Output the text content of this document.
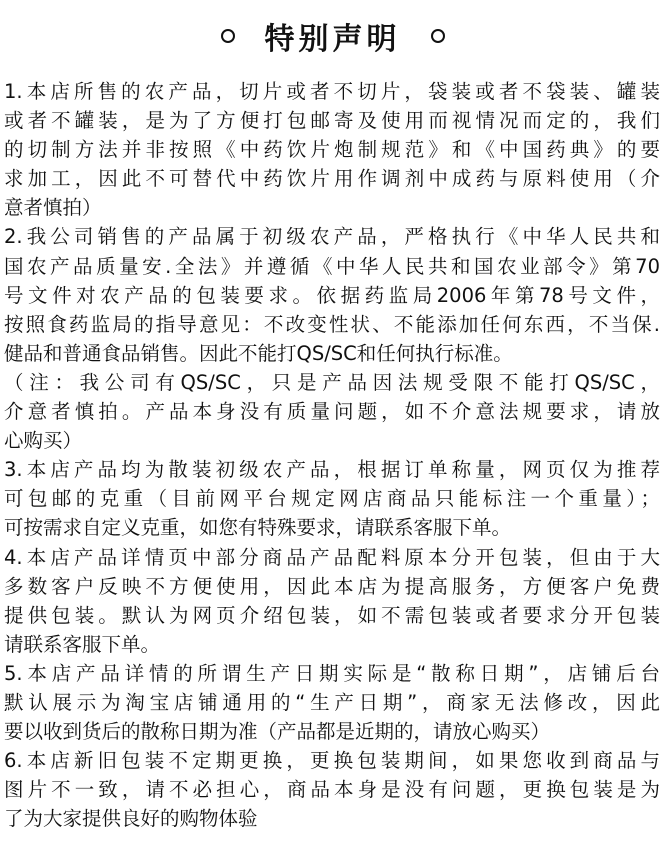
特别声明
1.本店所售的农产品，切片或者不切片，袋装或者不袋装、罐装
或者不罐装，是为了方便打包邮寄及使用而视情况而定的，我们
的切制方法并非按照《中药饮片炮制规范》和《中国药典》的要
求加工，因此不可替代中药饮片用作调剂中成药与原料使用（介
意者慎拍）
2.我公司销售的产品属于初级农产品，严格执行《中华人民共和
国农产品质量安.全法》并遵循《中华人民共和国农业部令》第70
号文件对农产品的包装要求。依据药监局2006年第78号文件，
按照食药监局的指导意见：不改变性状、不能添加任何东西，不当保.
健品和普通食品销售。因此不能打QS/SC和任何执行标准。
（注：我公司有QS/SC，只是产品因法规受限不能打QS/SC，
介意者慎拍。产品本身没有质量问题，如不介意法规要求，请放
心购买）
3.本店产品均为散装初级农产品，根据订单称量，网页仅为推荐
可包邮的克重（目前网平台规定网店商品只能标注一个重量）；
可按需求自定义克重，如您有特殊要求，请联系客服下单。
4.本店产品详情页中部分商品产品配料原本分开包装，但由于大
多数客户反映不方便使用，因此本店为提高服务，方便客户免费
提供包装。默认为网页介绍包装，如不需包装或者要求分开包装
请联系客服下单。
5.本店产品详情的所谓生产日期实际是“散称日期”，店铺后台
默认展示为淘宝店铺通用的“生产日期”，商家无法修改，因此
要以收到货后的散称日期为准（产品都是近期的，请放心购买）
6.本店新旧包装不定期更换，更换包装期间，如果您收到商品与
图片不一致，请不必担心，商品本身是没有问题，更换包装是为
了为大家提供良好的购物体验
